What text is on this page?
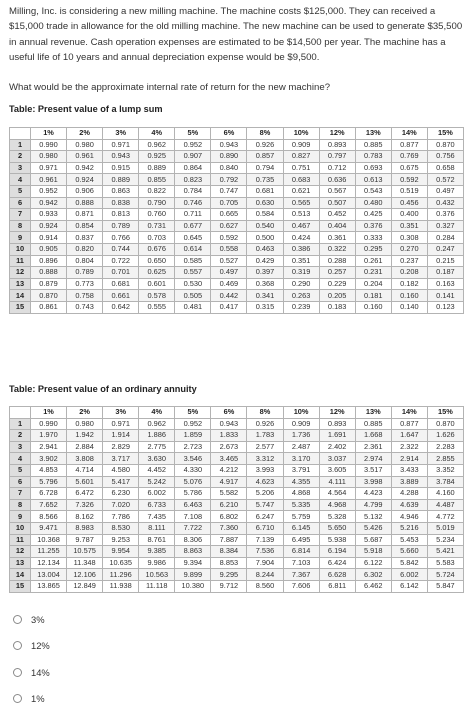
Milling, Inc. is considering a new milling machine. The machine costs $125,000. They can received a $15,000 trade in allowance for the old milling machine. The new machine can be used to generate $35,500 in annual revenue. Cash operation expenses are estimated to be $14,500 per year. The machine has a useful life of 10 years and annual depreciation expense would be $9,500.

What would be the approximate internal rate of return for the new machine?

Table: Present value of a lump sum

	1%	2%	3%	4%	5%	6%	8%	10%	12%	13%	14%	15%
1	0.990	0.980	0.971	0.962	0.952	0.943	0.926	0.909	0.893	0.885	0.877	0.870
2	0.980	0.961	0.943	0.925	0.907	0.890	0.857	0.827	0.797	0.783	0.769	0.756
3	0.971	0.942	0.915	0.889	0.864	0.840	0.794	0.751	0.712	0.693	0.675	0.658
4	0.961	0.924	0.889	0.855	0.823	0.792	0.735	0.683	0.636	0.613	0.592	0.572
5	0.952	0.906	0.863	0.822	0.784	0.747	0.681	0.621	0.567	0.543	0.519	0.497
6	0.942	0.888	0.838	0.790	0.746	0.705	0.630	0.565	0.507	0.480	0.456	0.432
7	0.933	0.871	0.813	0.760	0.711	0.665	0.584	0.513	0.452	0.425	0.400	0.376
8	0.924	0.854	0.789	0.731	0.677	0.627	0.540	0.467	0.404	0.376	0.351	0.327
9	0.914	0.837	0.766	0.703	0.645	0.592	0.500	0.424	0.361	0.333	0.308	0.284
10	0.905	0.820	0.744	0.676	0.614	0.558	0.463	0.386	0.322	0.295	0.270	0.247
11	0.896	0.804	0.722	0.650	0.585	0.527	0.429	0.351	0.288	0.261	0.237	0.215
12	0.888	0.789	0.701	0.625	0.557	0.497	0.397	0.319	0.257	0.231	0.208	0.187
13	0.879	0.773	0.681	0.601	0.530	0.469	0.368	0.290	0.229	0.204	0.182	0.163
14	0.870	0.758	0.661	0.578	0.505	0.442	0.341	0.263	0.205	0.181	0.160	0.141
15	0.861	0.743	0.642	0.555	0.481	0.417	0.315	0.239	0.183	0.160	0.140	0.123

Table: Present value of an ordinary annuity

	1%	2%	3%	4%	5%	6%	8%	10%	12%	13%	14%	15%
1	0.990	0.980	0.971	0.962	0.952	0.943	0.926	0.909	0.893	0.885	0.877	0.870
2	1.970	1.942	1.914	1.886	1.859	1.833	1.783	1.736	1.691	1.668	1.647	1.626
3	2.941	2.884	2.829	2.775	2.723	2.673	2.577	2.487	2.402	2.361	2.322	2.283
4	3.902	3.808	3.717	3.630	3.546	3.465	3.312	3.170	3.037	2.974	2.914	2.855
5	4.853	4.714	4.580	4.452	4.330	4.212	3.993	3.791	3.605	3.517	3.433	3.352
6	5.796	5.601	5.417	5.242	5.076	4.917	4.623	4.355	4.111	3.998	3.889	3.784
7	6.728	6.472	6.230	6.002	5.786	5.582	5.206	4.868	4.564	4.423	4.288	4.160
8	7.652	7.326	7.020	6.733	6.463	6.210	5.747	5.335	4.968	4.799	4.639	4.487
9	8.566	8.162	7.786	7.435	7.108	6.802	6.247	5.759	5.328	5.132	4.946	4.772
10	9.471	8.983	8.530	8.111	7.722	7.360	6.710	6.145	5.650	5.426	5.216	5.019
11	10.368	9.787	9.253	8.761	8.306	7.887	7.139	6.495	5.938	5.687	5.453	5.234
12	11.255	10.575	9.954	9.385	8.863	8.384	7.536	6.814	6.194	5.918	5.660	5.421
13	12.134	11.348	10.635	9.986	9.394	8.853	7.904	7.103	6.424	6.122	5.842	5.583
14	13.004	12.106	11.296	10.563	9.899	9.295	8.244	7.367	6.628	6.302	6.002	5.724
15	13.865	12.849	11.938	11.118	10.380	9.712	8.560	7.606	6.811	6.462	6.142	5.847
3%
12%
14%
1%
